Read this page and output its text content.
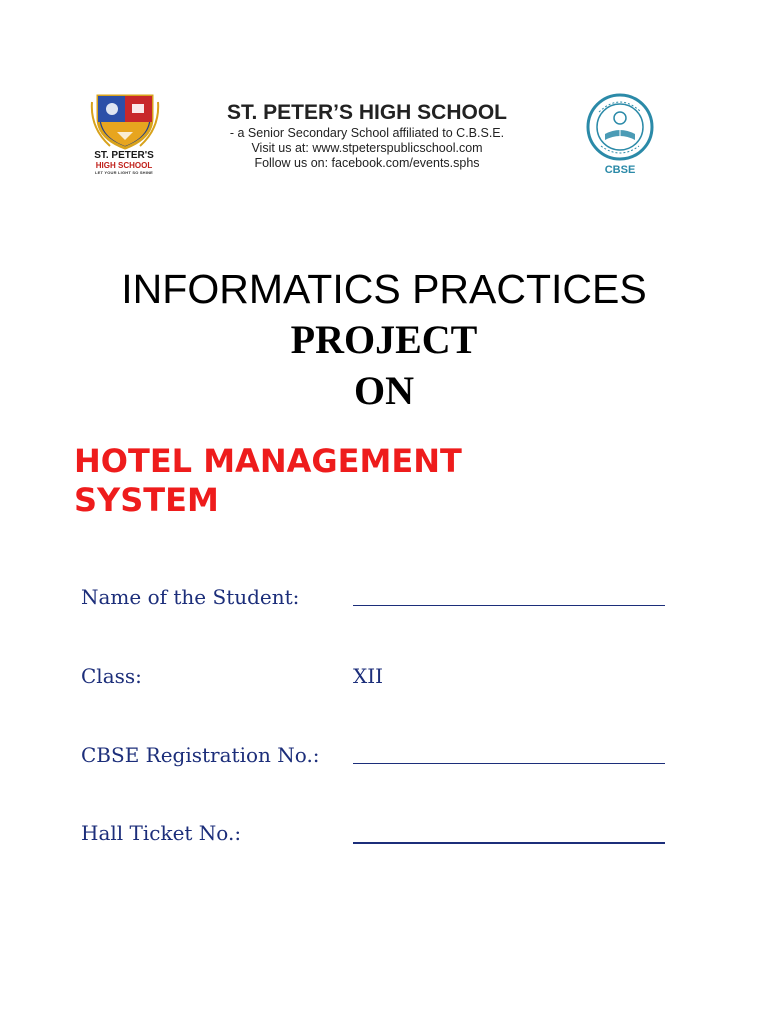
ST. PETER'S
HIGH SCHOOL
LET YOUR LIGHT SO SHINE
ST. PETER’S HIGH SCHOOL
- a Senior Secondary School affiliated to C.B.S.E.
Visit us at: www.stpeterspublicschool.com
Follow us on: facebook.com/events.sphs	CBSE
INFORMATICS PRACTICES
PROJECT
ON
HOTEL MANAGEMENT
SYSTEM
Name of the Student:
Class:	XII
CBSE Registration No.:
Hall Ticket No.:
